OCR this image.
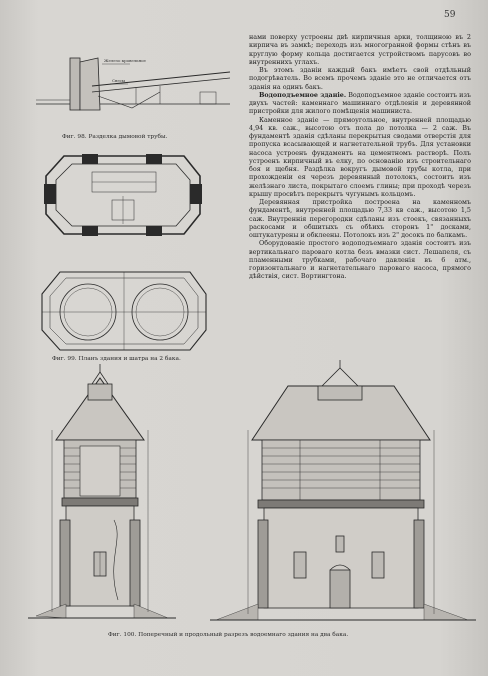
59
Железо кровельное
Свесы
Фиг. 98. Разделка дымовой трубы.
Фиг. 99. Планъ здания и шатра на 2 бака.
Фиг. 100. Поперечный и продольный разрезъ водоемнаго здания на два бака.

нами поверху устроены двѣ кирпичныя арки, толщиною въ 2 кирпича въ замкѣ; переходъ изъ многогранной формы стѣнъ въ круглую форму кольца достигается устройствомъ парусовъ во внутреннихъ углахъ.

Въ этомъ зданіи каждый бакъ имѣетъ свой отдѣльный подогрѣватель. Во всемъ прочемъ зданіе это не отличается отъ зданія на одинъ бакъ.

Водоподъемное зданіе. Водоподъемное зданіе состоитъ изъ двухъ частей: каменнаго машиннаго отдѣленія и деревянной пристройки для жилого помѣщенія машиниста.

Каменное зданіе — прямоугольное, внутренней площадью 4,94 кв. саж., высотою отъ пола до потолка — 2 саж. Въ фундаментѣ зданія сдѣланы перекрытыя сводами отверстія для пропуска всасывающей и нагнетательной трубъ. Для установки насоса устроенъ фундаментъ на цементномъ растворѣ. Полъ устроенъ кирпичный въ елку, по основанію изъ строительнаго боя и щебня. Раздѣлка вокругъ дымовой трубы котла, при прохожденіи ея черезъ деревянный потолокъ, состоитъ изъ желѣзнаго листа, покрытаго слоемъ глины; при проходѣ черезъ крышу просвѣтъ перекрытъ чугунымъ кольцомъ.

Деревянная пристройка построена на каменномъ фундаментѣ, внутренней площадью 7,33 кв саж., высотою 1,5 саж. Внутреннія перегородки сдѣланы изъ стоекъ, связанныхъ раскосами и обшитыхъ съ обѣихъ сторонъ 1" досками, оштукатурены и обклеены. Потолокъ изъ 2" досокъ по балкамъ.

Оборудованіе простого водоподъемнаго зданія состоитъ изъ вертикальнаго паровaго котла безъ вмазки сист. Лешапеля, съ пламенными трубками, рабочаго давленія въ 6 атм., горизонтальнаго и нагнетательнаго паровaго насоса, прямого дѣйствія, сист. Вортингтона.
